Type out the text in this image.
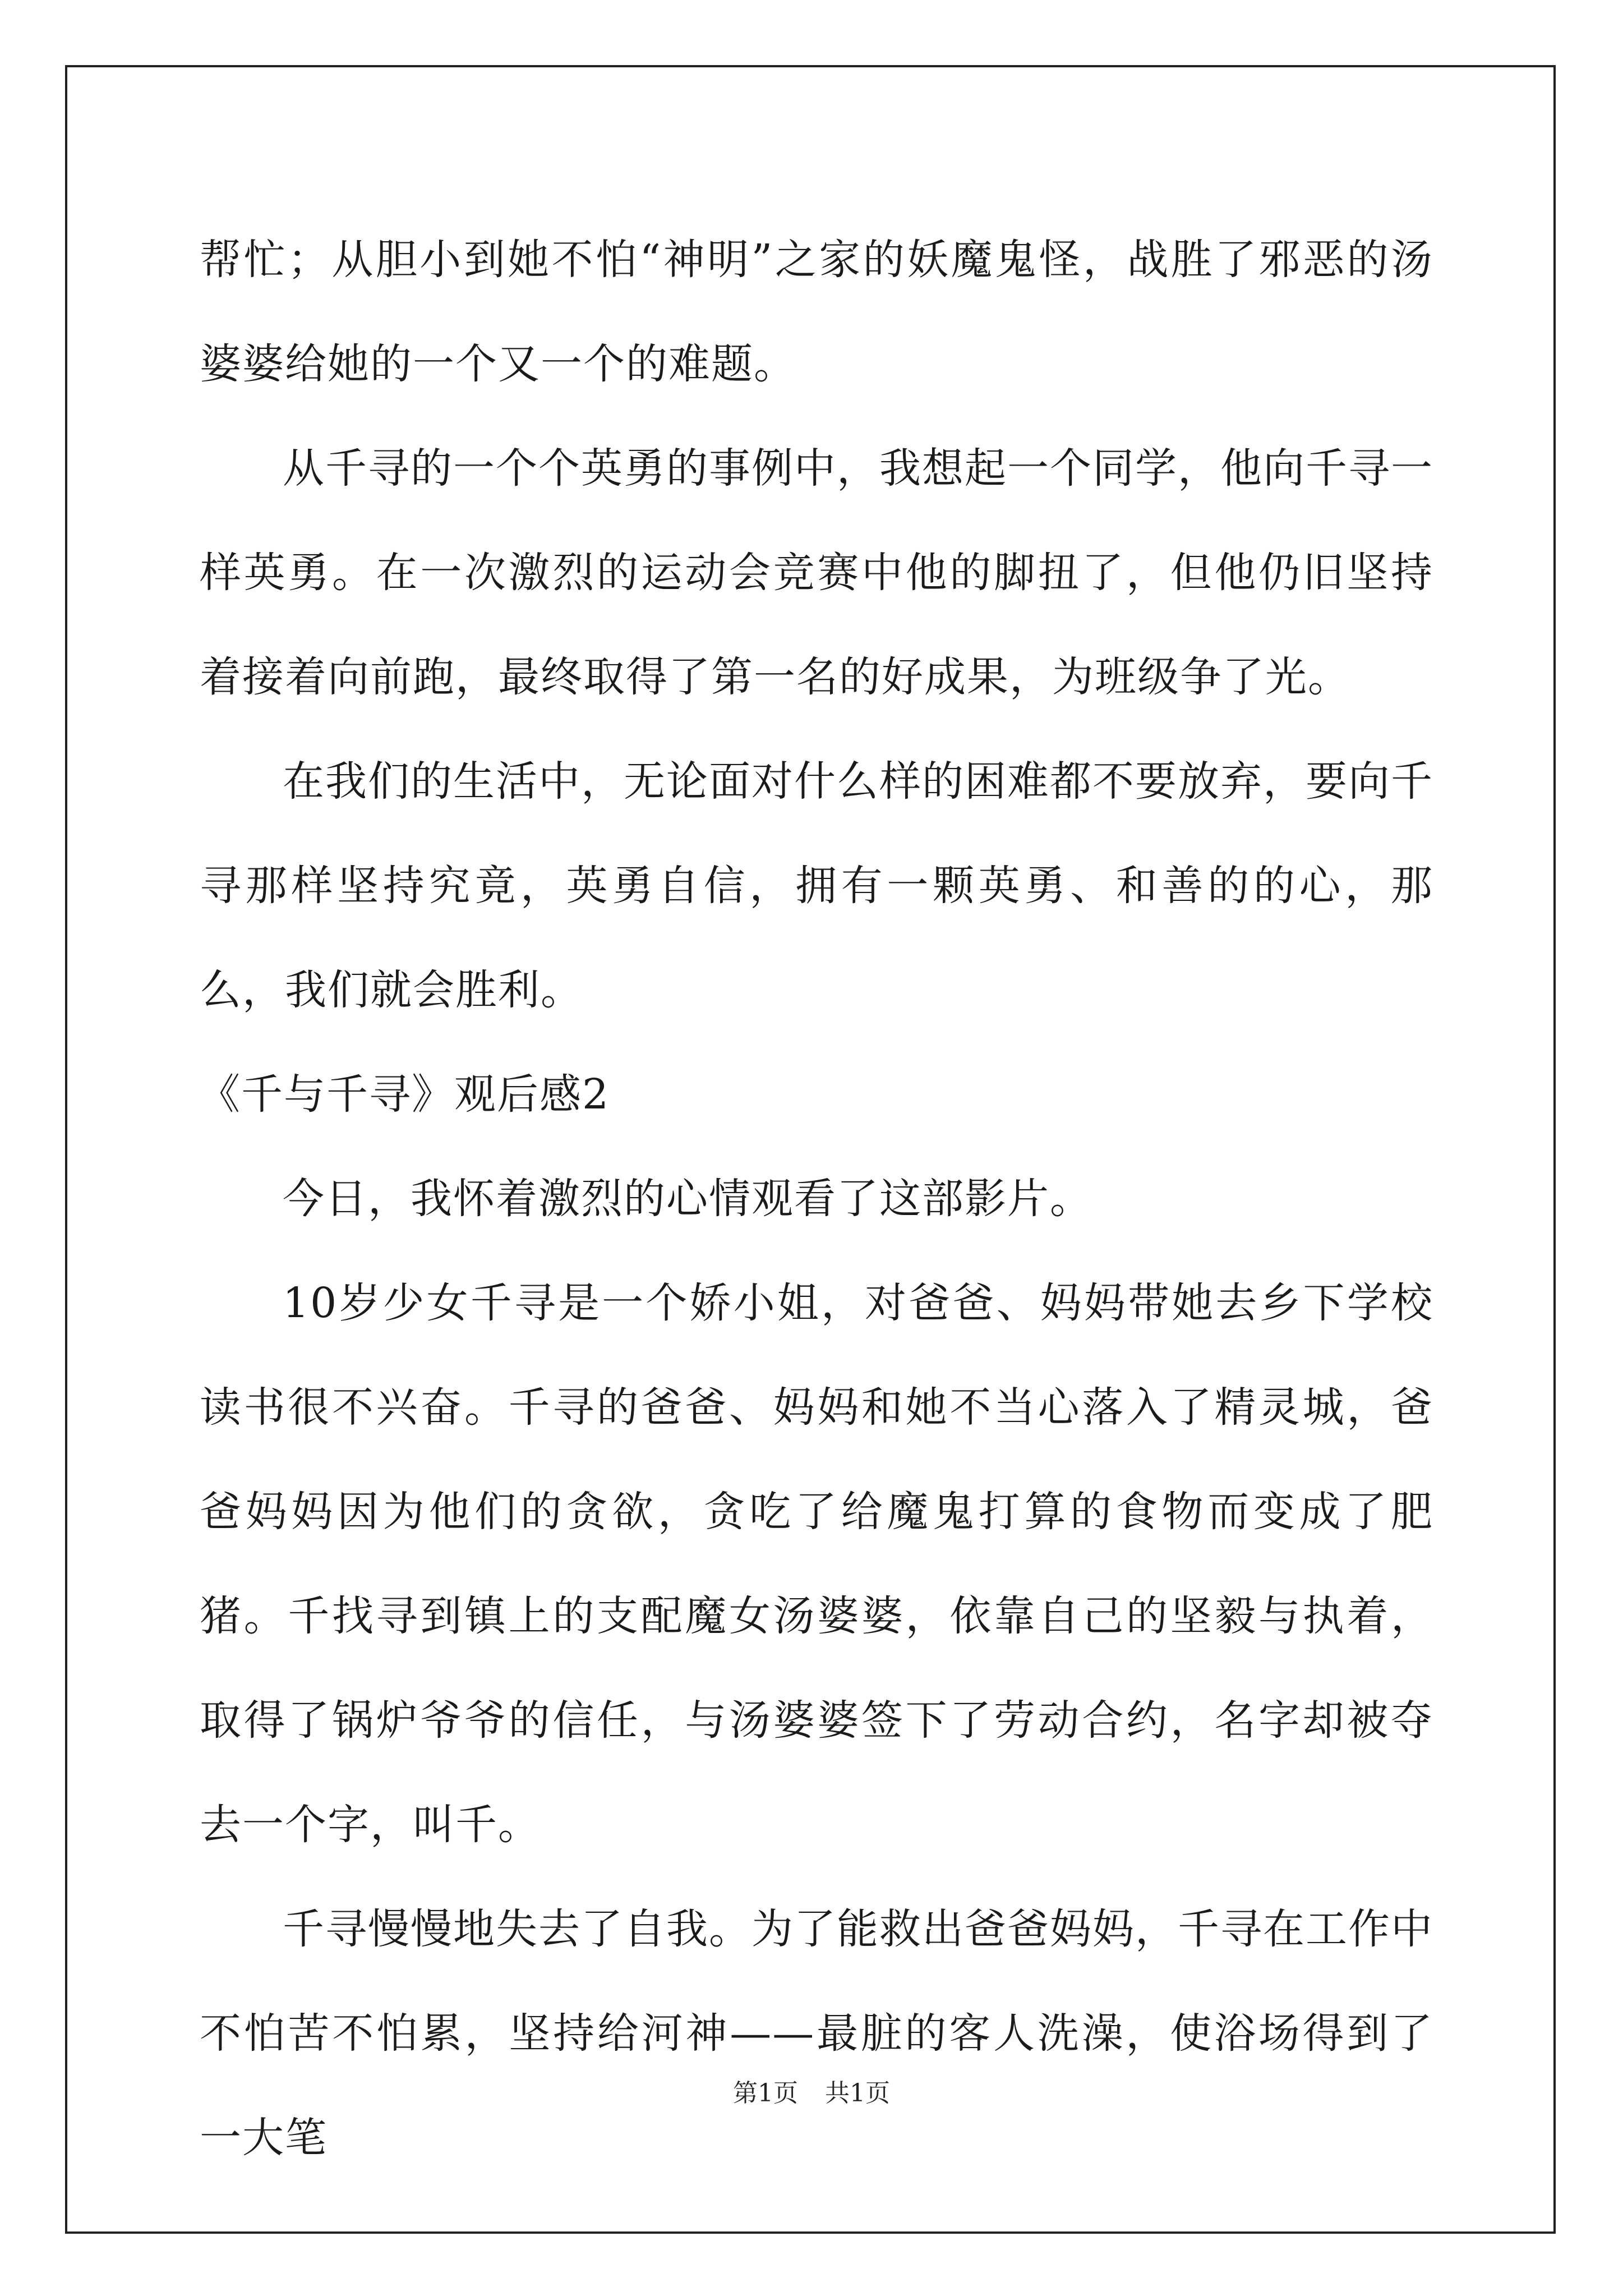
帮忙；从胆小到她不怕“神明”之家的妖魔鬼怪，战胜了邪恶的汤婆婆给她的一个又一个的难题。

从千寻的一个个英勇的事例中，我想起一个同学，他向千寻一样英勇。在一次激烈的运动会竞赛中他的脚扭了，但他仍旧坚持着接着向前跑，最终取得了第一名的好成果，为班级争了光。

在我们的生活中，无论面对什么样的困难都不要放弃，要向千寻那样坚持究竟，英勇自信，拥有一颗英勇、和善的的心，那么，我们就会胜利。

《千与千寻》观后感2

今日，我怀着激烈的心情观看了这部影片。

10岁少女千寻是一个娇小姐，对爸爸、妈妈带她去乡下学校读书很不兴奋。千寻的爸爸、妈妈和她不当心落入了精灵城，爸爸妈妈因为他们的贪欲，贪吃了给魔鬼打算的食物而变成了肥猪。千找寻到镇上的支配魔女汤婆婆，依靠自己的坚毅与执着，取得了锅炉爷爷的信任，与汤婆婆签下了劳动合约，名字却被夺去一个字，叫千。

千寻慢慢地失去了自我。为了能救出爸爸妈妈，千寻在工作中不怕苦不怕累，坚持给河神——最脏的客人洗澡，使浴场得到了一大笔

第1页 共1页
